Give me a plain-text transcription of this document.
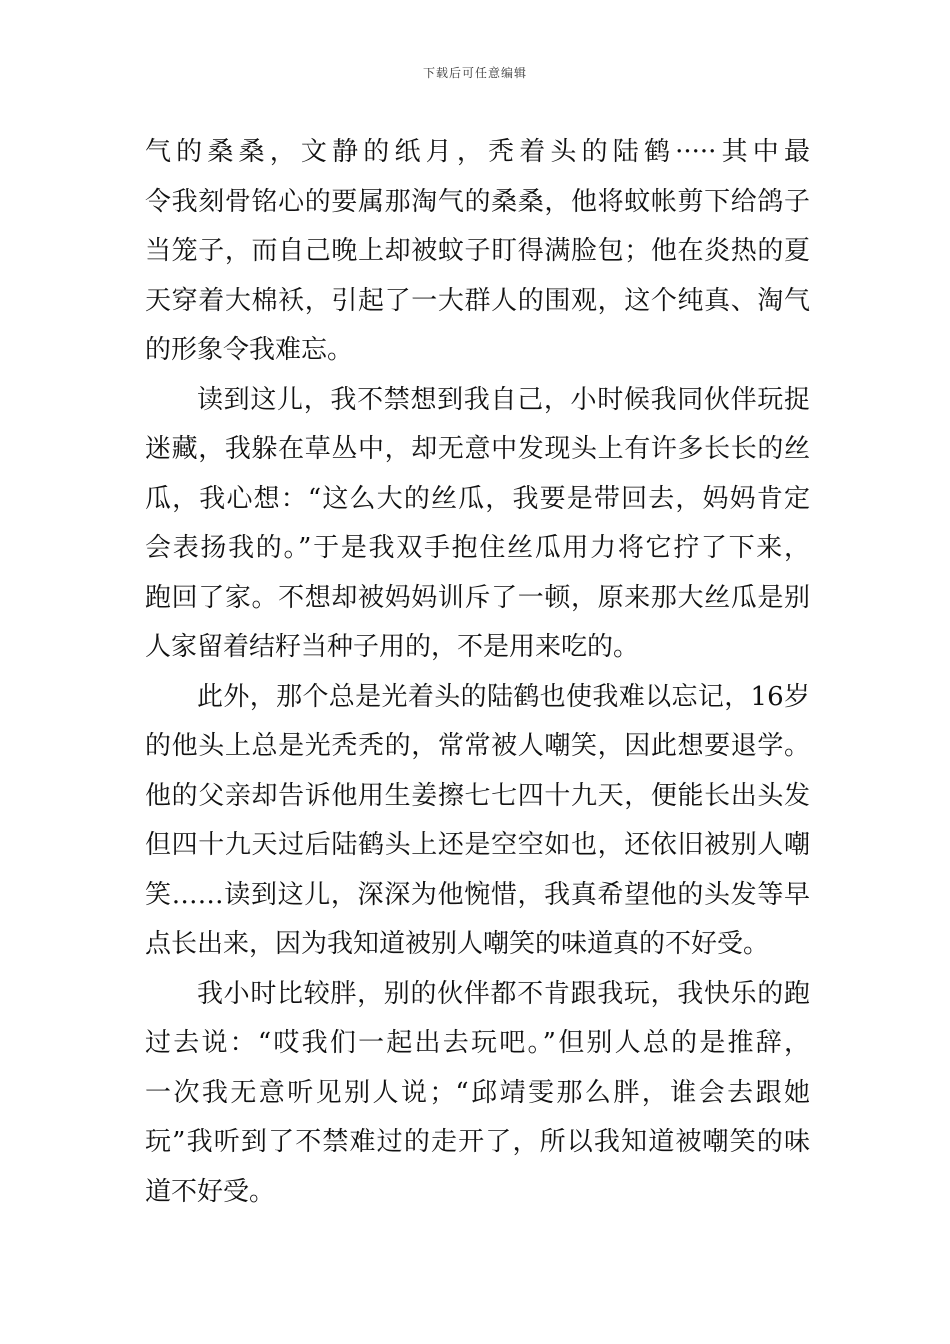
下载后可任意编辑
气的桑桑，文静的纸月，秃着头的陆鹤·····其中最
令我刻骨铭心的要属那淘气的桑桑，他将蚊帐剪下给鸽子
当笼子，而自己晚上却被蚊子盯得满脸包；他在炎热的夏
天穿着大棉袄，引起了一大群人的围观，这个纯真、淘气
的形象令我难忘。
读到这儿，我不禁想到我自己，小时候我同伙伴玩捉
迷藏，我躲在草丛中，却无意中发现头上有许多长长的丝
瓜，我心想：“这么大的丝瓜，我要是带回去，妈妈肯定
会表扬我的。”于是我双手抱住丝瓜用力将它拧了下来，
跑回了家。不想却被妈妈训斥了一顿，原来那大丝瓜是别
人家留着结籽当种子用的，不是用来吃的。
此外，那个总是光着头的陆鹤也使我难以忘记，16岁
的他头上总是光秃秃的，常常被人嘲笑，因此想要退学。
他的父亲却告诉他用生姜擦七七四十九天，便能长出头发
但四十九天过后陆鹤头上还是空空如也，还依旧被别人嘲
笑……读到这儿，深深为他惋惜，我真希望他的头发等早
点长出来，因为我知道被别人嘲笑的味道真的不好受。
我小时比较胖，别的伙伴都不肯跟我玩，我快乐的跑
过去说：“哎我们一起出去玩吧。”但别人总的是推辞，
一次我无意听见别人说；“邱靖雯那么胖，谁会去跟她
玩”我听到了不禁难过的走开了，所以我知道被嘲笑的味
道不好受。
